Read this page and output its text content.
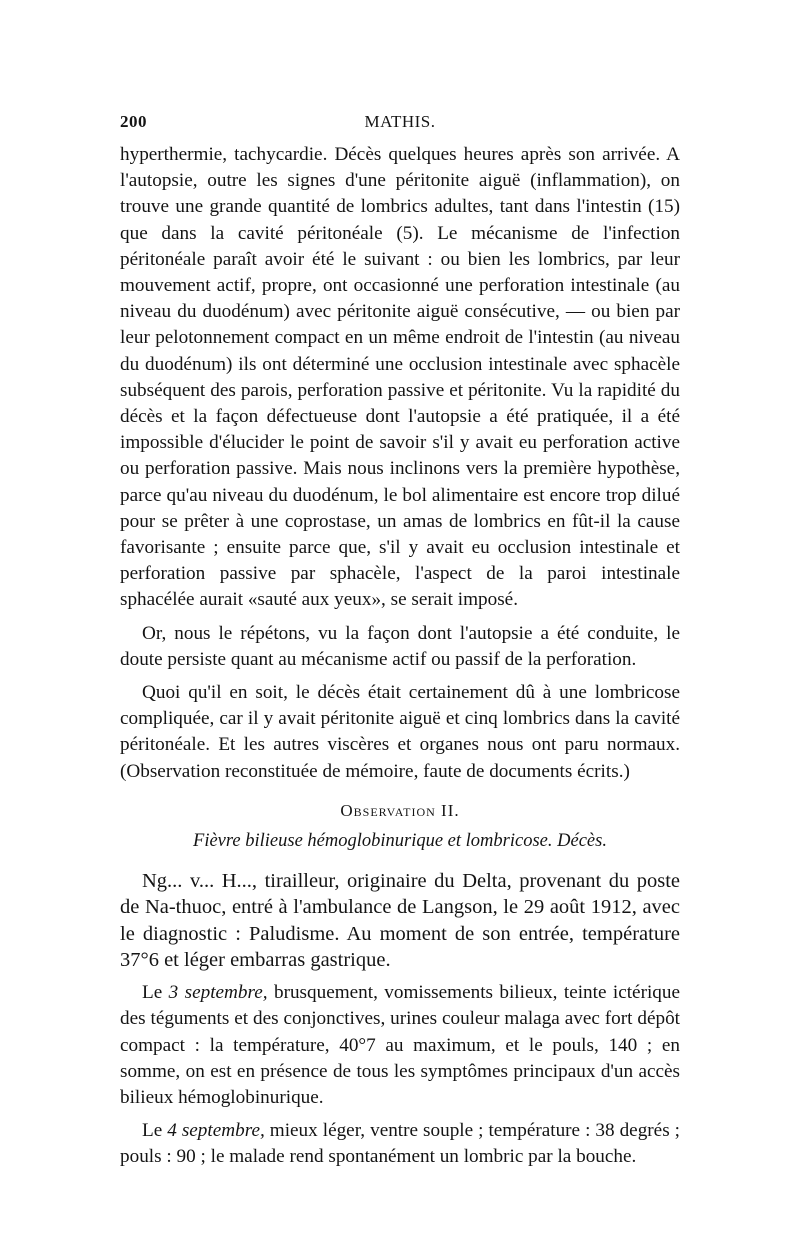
200	MATHIS.

hyperthermie, tachycardie. Décès quelques heures après son arrivée. A l'autopsie, outre les signes d'une péritonite aiguë (inflammation), on trouve une grande quantité de lombrics adultes, tant dans l'intestin (15) que dans la cavité péritonéale (5). Le mécanisme de l'infection péritonéale paraît avoir été le suivant : ou bien les lombrics, par leur mouvement actif, propre, ont occasionné une perforation intestinale (au niveau du duodénum) avec péritonite aiguë consécutive, — ou bien par leur pelotonnement compact en un même endroit de l'intestin (au niveau du duodénum) ils ont déterminé une occlusion intestinale avec sphacèle subséquent des parois, perforation passive et péritonite. Vu la rapidité du décès et la façon défectueuse dont l'autopsie a été pratiquée, il a été impossible d'élucider le point de savoir s'il y avait eu perforation active ou perforation passive. Mais nous inclinons vers la première hypothèse, parce qu'au niveau du duodénum, le bol alimentaire est encore trop dilué pour se prêter à une coprostase, un amas de lombrics en fût-il la cause favorisante ; ensuite parce que, s'il y avait eu occlusion intestinale et perforation passive par sphacèle, l'aspect de la paroi intestinale sphacélée aurait «sauté aux yeux», se serait imposé.

Or, nous le répétons, vu la façon dont l'autopsie a été conduite, le doute persiste quant au mécanisme actif ou passif de la perforation.

Quoi qu'il en soit, le décès était certainement dû à une lombricose compliquée, car il y avait péritonite aiguë et cinq lombrics dans la cavité péritonéale. Et les autres viscères et organes nous ont paru normaux. (Observation reconstituée de mémoire, faute de documents écrits.)

Observation II.
Fièvre bilieuse hémoglobinurique et lombricose. Décès.

Ng... v... H..., tirailleur, originaire du Delta, provenant du poste de Na-thuoc, entré à l'ambulance de Langson, le 29 août 1912, avec le diagnostic : Paludisme. Au moment de son entrée, température 37°6 et léger embarras gastrique.

Le 3 septembre, brusquement, vomissements bilieux, teinte ictérique des téguments et des conjonctives, urines couleur malaga avec fort dépôt compact : la température, 40°7 au maximum, et le pouls, 140 ; en somme, on est en présence de tous les symptômes principaux d'un accès bilieux hémoglobinurique.

Le 4 septembre, mieux léger, ventre souple ; température : 38 degrés ; pouls : 90 ; le malade rend spontanément un lombric par la bouche.
